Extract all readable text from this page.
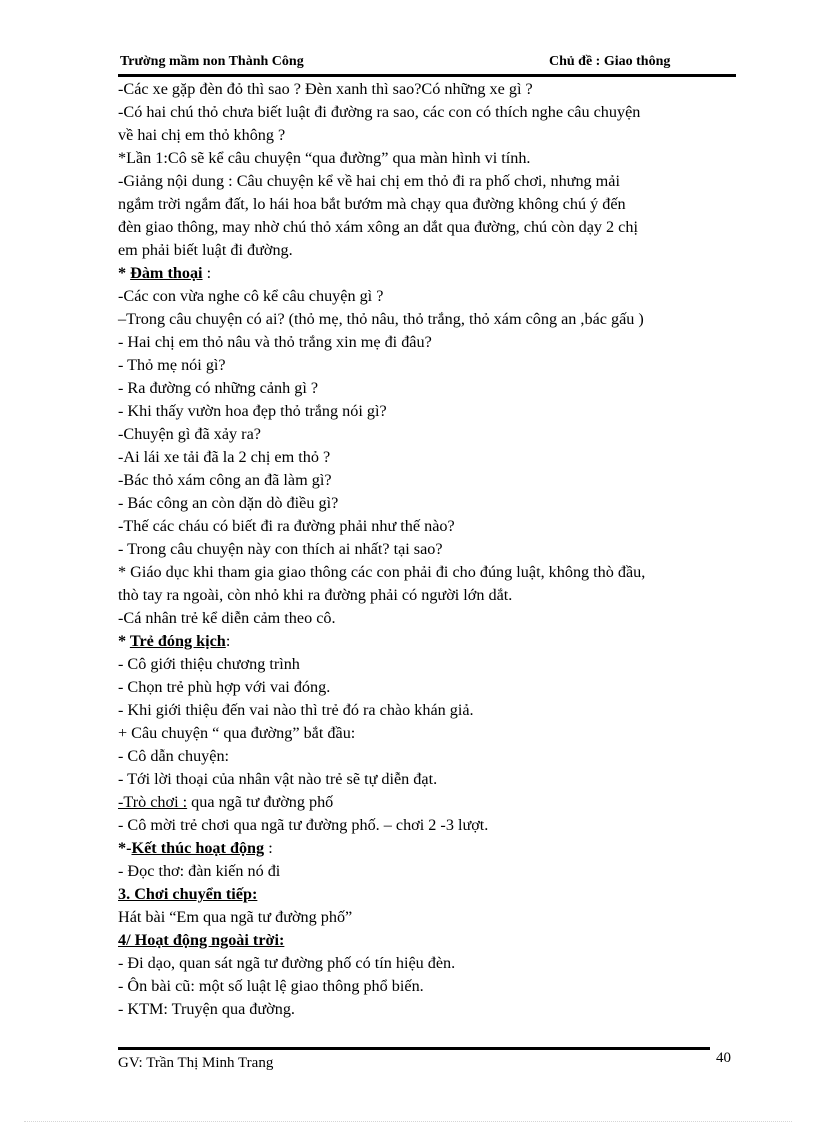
Trường mầm non Thành Công	Chủ đề : Giao thông
-Các xe gặp đèn đỏ thì sao ? Đèn xanh thì sao?Có những xe gì ?
-Có hai chú thỏ chưa biết luật đi đường ra sao, các con có thích nghe câu chuyện
về hai chị em thỏ không ?
*Lần 1:Cô sẽ kể câu chuyện “qua đường” qua màn hình vi tính.
-Giảng nội dung : Câu chuyện kể về hai chị em thỏ đi ra phố chơi, nhưng mải
ngắm trời ngắm đất, lo hái hoa bắt bướm mà chạy qua đường không chú ý đến
đèn giao thông, may nhờ chú thỏ xám xông an dắt qua đường, chú còn dạy 2 chị
em phải biết luật đi đường.
* Đàm thoại :
-Các con vừa nghe cô kể câu chuyện gì ?
–Trong câu chuyện có ai? (thỏ mẹ, thỏ nâu, thỏ trắng, thỏ xám công an ,bác gấu )
- Hai chị em thỏ nâu và thỏ trắng xin mẹ đi đâu?
- Thỏ mẹ nói gì?
- Ra đường có những cảnh gì ?
- Khi thấy vườn hoa đẹp thỏ trắng nói gì?
-Chuyện gì đã xảy ra?
-Ai lái xe tải đã la 2 chị em thỏ ?
-Bác thỏ xám công an đã làm gì?
- Bác công an còn dặn dò điều gì?
-Thế các cháu có biết đi ra đường phải như thế nào?
- Trong câu chuyện này con thích ai nhất? tại sao?
* Giáo dục khi tham gia giao thông các con phải đi cho đúng luật, không thò đầu,
thò tay ra ngoài, còn nhỏ khi ra đường phải có người lớn dắt.
-Cá nhân trẻ kể diễn cảm theo cô.
* Trẻ đóng kịch:
- Cô giới thiệu chương trình
- Chọn trẻ phù hợp với vai đóng.
- Khi giới thiệu đến vai nào thì trẻ đó ra chào khán giả.
+ Câu chuyện “ qua đường” bắt đầu:
- Cô dẫn chuyện:
- Tới lời thoại của nhân vật nào trẻ sẽ tự diễn đạt.
-Trò chơi : qua ngã tư đường phố
- Cô mời trẻ chơi qua ngã tư đường phố. – chơi 2 -3 lượt.
*-Kết thúc hoạt động :
- Đọc thơ: đàn kiến nó đi
3. Chơi chuyển tiếp:
Hát bài “Em qua ngã tư đường phố”
4/ Hoạt động ngoài trời:
- Đi dạo, quan sát ngã tư đường phố có tín hiệu đèn.
- Ôn bài cũ: một số luật lệ giao thông phổ biến.
- KTM: Truyện qua đường.
GV: Trần Thị Minh Trang	40
